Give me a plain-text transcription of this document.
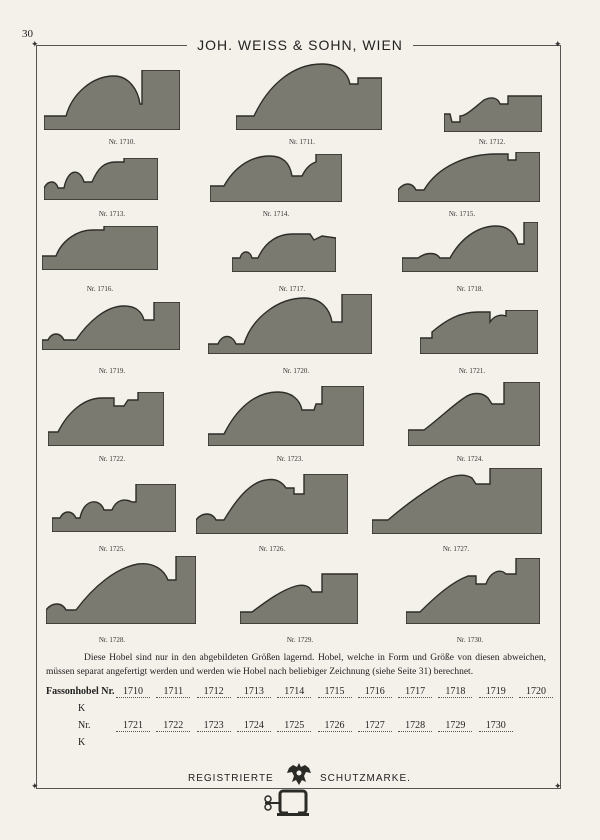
30
✦	✦
✦	✦
JOH. WEISS & SOHN, WIEN
Nr. 1710.	Nr. 1711.	Nr. 1712.
Nr. 1713.	Nr. 1714.	Nr. 1715.
Nr. 1716.	Nr. 1717.	Nr. 1718.
Nr. 1719.	Nr. 1720.	Nr. 1721.
Nr. 1722.	Nr. 1723.	Nr. 1724.
Nr. 1725.	Nr. 1726.	Nr. 1727.
Nr. 1728.	Nr. 1729.	Nr. 1730.

Diese Hobel sind nur in den abgebildeten Größen lagernd. Hobel, welche in Form und Größe von diesen abweichen, müssen separat angefertigt werden und werden wie Hobel nach beliebiger Zeichnung (siehe Seite 31) berechnet.

Fassonhobel Nr. 1710	1711	1712	1713	1714	1715	1716	1717	1718	1719	1720
K
Nr.	1721	1722	1723	1724	1725	1726	1727	1728	1729	1730
K
REGISTRIERTE	SCHUTZMARKE.
